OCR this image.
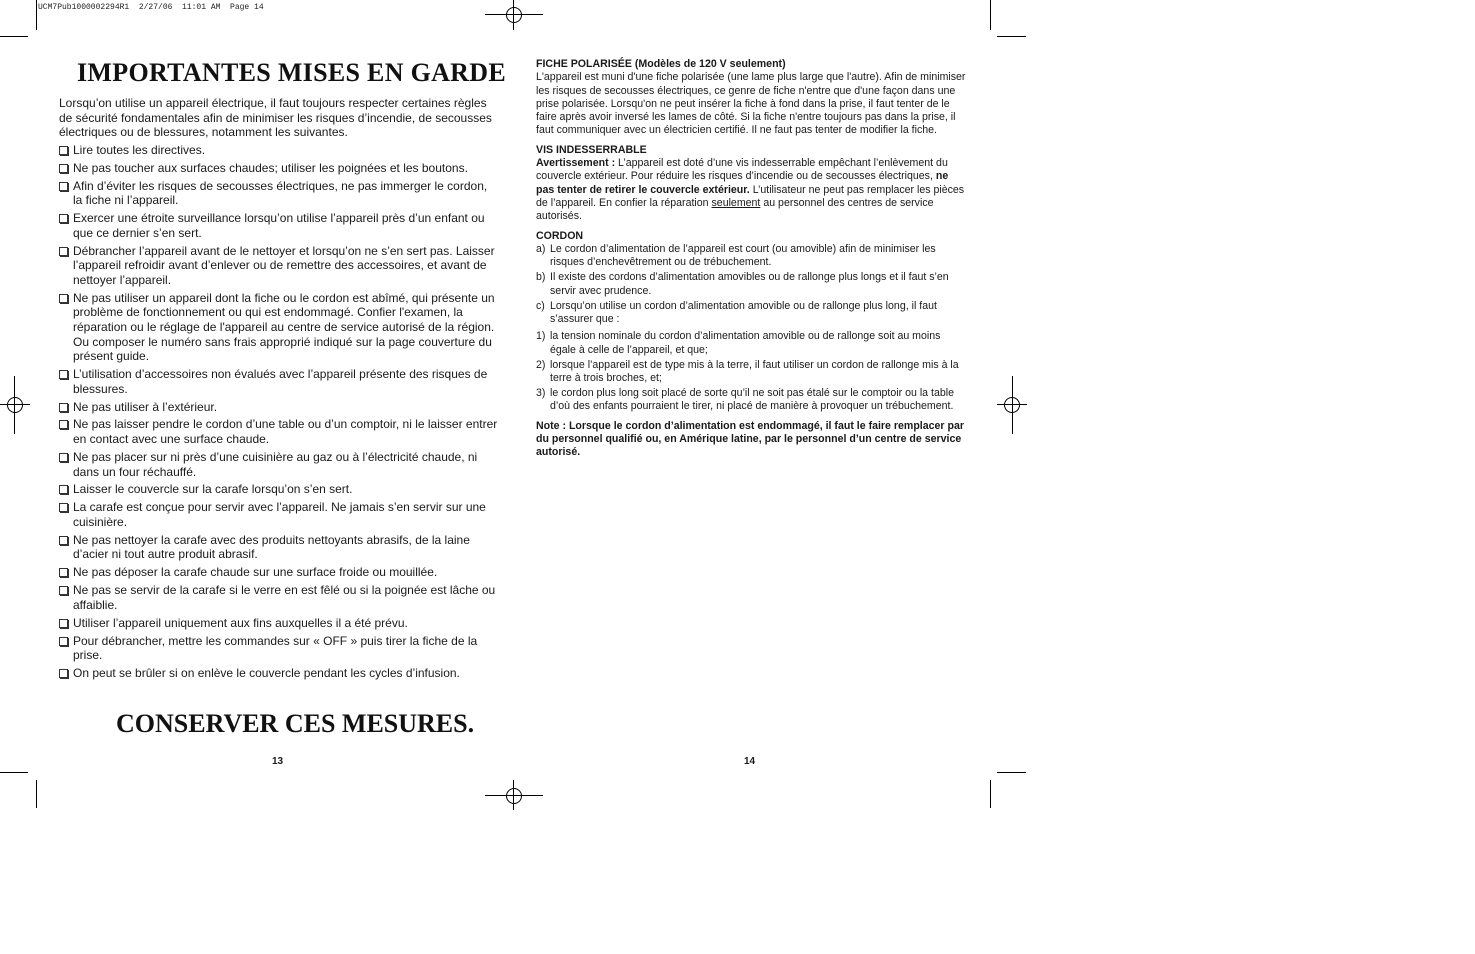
UCM7Pub1000002294R1  2/27/06  11:01 AM  Page 14
IMPORTANTES MISES EN GARDE

Lorsqu’on utilise un appareil électrique, il faut toujours respecter certaines règles de sécurité fondamentales afin de minimiser les risques d’incendie, de secousses électriques ou de blessures, notamment les suivantes.

Lire toutes les directives.
Ne pas toucher aux surfaces chaudes; utiliser les poignées et les boutons.
Afin d’éviter les risques de secousses électriques, ne pas immerger le cordon, la fiche ni l’appareil.
Exercer une étroite surveillance lorsqu’on utilise l’appareil près d’un enfant ou que ce dernier s’en sert.
Débrancher l’appareil avant de le nettoyer et lorsqu’on ne s’en sert pas. Laisser l’appareil refroidir avant d’enlever ou de remettre des accessoires, et avant de nettoyer l’appareil.
Ne pas utiliser un appareil dont la fiche ou le cordon est abîmé, qui présente un problème de fonctionnement ou qui est endommagé. Confier l'examen, la réparation ou le réglage de l'appareil au centre de service autorisé de la région. Ou composer le numéro sans frais approprié indiqué sur la page couverture du présent guide.
L’utilisation d’accessoires non évalués avec l’appareil présente des risques de blessures.
Ne pas utiliser à l’extérieur.
Ne pas laisser pendre le cordon d’une table ou d’un comptoir, ni le laisser entrer en contact avec une surface chaude.
Ne pas placer sur ni près d’une cuisinière au gaz ou à l’électricité chaude, ni dans un four réchauffé.
Laisser le couvercle sur la carafe lorsqu’on s’en sert.
La carafe est conçue pour servir avec l’appareil. Ne jamais s’en servir sur une cuisinière.
Ne pas nettoyer la carafe avec des produits nettoyants abrasifs, de la laine d’acier ni tout autre produit abrasif.
Ne pas déposer la carafe chaude sur une surface froide ou mouillée.
Ne pas se servir de la carafe si le verre en est fêlé ou si la poignée est lâche ou affaiblie.
Utiliser l’appareil uniquement aux fins auxquelles il a été prévu.
Pour débrancher, mettre les commandes sur « OFF » puis tirer la fiche de la prise.
On peut se brûler si on enlève le couvercle pendant les cycles d’infusion.
CONSERVER CES MESURES.
13

FICHE POLARISÉE (Modèles de 120 V seulement)

L'appareil est muni d'une fiche polarisée (une lame plus large que l'autre). Afin de minimiser les risques de secousses électriques, ce genre de fiche n'entre que d'une façon dans une prise polarisée. Lorsqu'on ne peut insérer la fiche à fond dans la prise, il faut tenter de le faire après avoir inversé les lames de côté. Si la fiche n'entre toujours pas dans la prise, il faut communiquer avec un électricien certifié. Il ne faut pas tenter de modifier la fiche.

VIS INDESSERRABLE

Avertissement : L’appareil est doté d’une vis indesserrable empêchant l’enlèvement du couvercle extérieur. Pour réduire les risques d’incendie ou de secousses électriques, ne pas tenter de retirer le couvercle extérieur. L’utilisateur ne peut pas remplacer les pièces de l’appareil. En confier la réparation seulement au personnel des centres de service autorisés.

CORDON

a) Le cordon d’alimentation de l’appareil est court (ou amovible) afin de minimiser les risques d’enchevêtrement ou de trébuchement.
b) Il existe des cordons d’alimentation amovibles ou de rallonge plus longs et il faut s’en servir avec prudence.
c) Lorsqu’on utilise un cordon d’alimentation amovible ou de rallonge plus long, il faut s’assurer que :
1) la tension nominale du cordon d’alimentation amovible ou de rallonge soit au moins égale à celle de l’appareil, et que;
2) lorsque l’appareil est de type mis à la terre, il faut utiliser un cordon de rallonge mis à la terre à trois broches, et;
3) le cordon plus long soit placé de sorte qu’il ne soit pas étalé sur le comptoir ou la table d’où des enfants pourraient le tirer, ni placé de manière à provoquer un trébuchement.

Note : Lorsque le cordon d’alimentation est endommagé, il faut le faire remplacer par du personnel qualifié ou, en Amérique latine, par le personnel d’un centre de service autorisé.

14
